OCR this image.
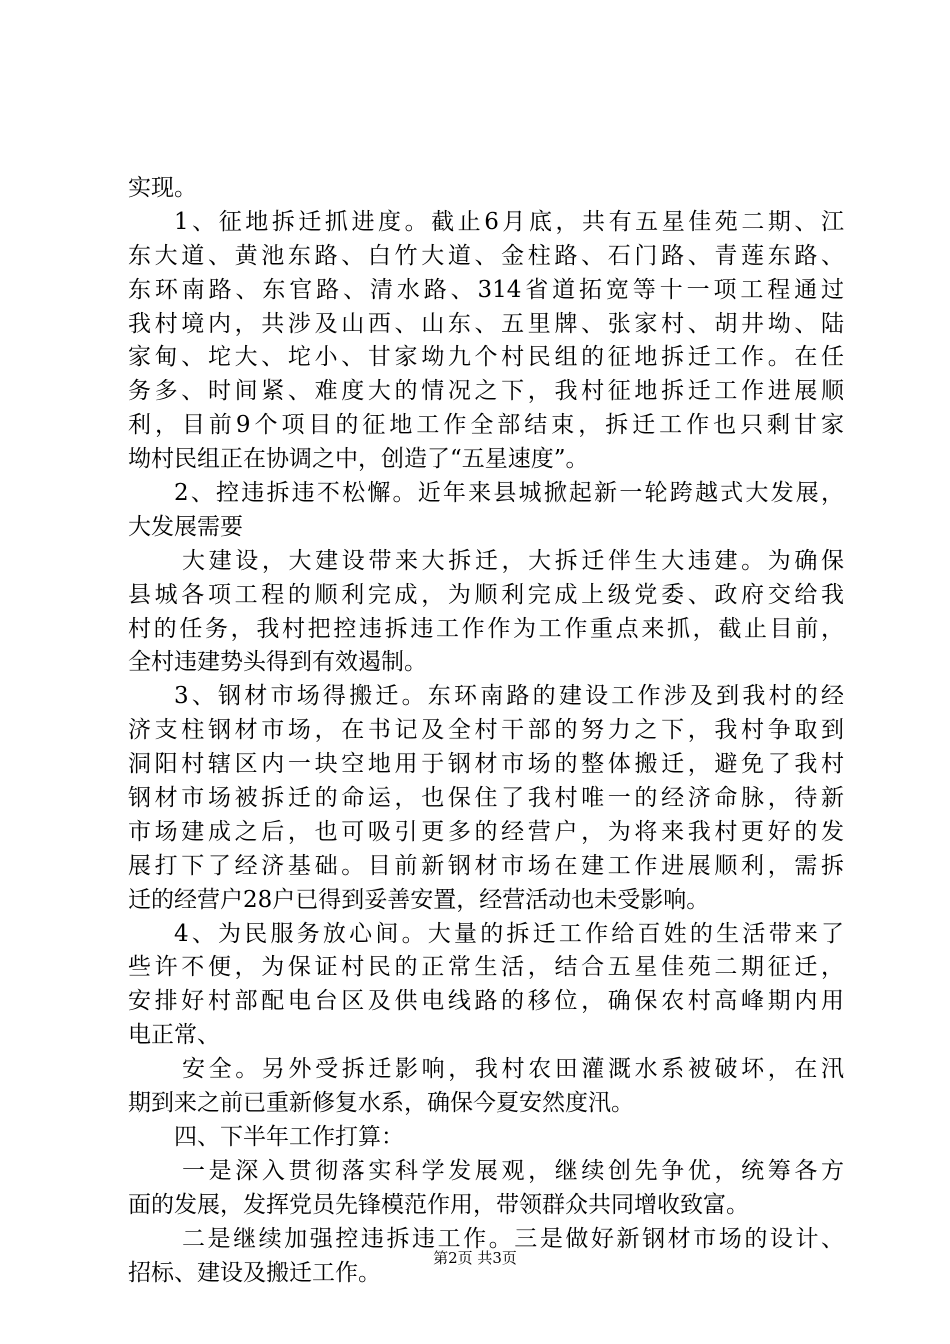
实现。
1、征地拆迁抓进度。截止6月底，共有五星佳苑二期、江
东大道、黄池东路、白竹大道、金柱路、石门路、青莲东路、
东环南路、东官路、清水路、314省道拓宽等十一项工程通过
我村境内，共涉及山西、山东、五里牌、张家村、胡井坳、陆
家甸、坨大、坨小、甘家坳九个村民组的征地拆迁工作。在任
务多、时间紧、难度大的情况之下，我村征地拆迁工作进展顺
利，目前9个项目的征地工作全部结束，拆迁工作也只剩甘家
坳村民组正在协调之中，创造了“五星速度”。
2、控违拆违不松懈。近年来县城掀起新一轮跨越式大发展，
大发展需要
大建设，大建设带来大拆迁，大拆迁伴生大违建。为确保
县城各项工程的顺利完成，为顺利完成上级党委、政府交给我
村的任务，我村把控违拆违工作作为工作重点来抓，截止目前，
全村违建势头得到有效遏制。
3、钢材市场得搬迁。东环南路的建设工作涉及到我村的经
济支柱钢材市场，在书记及全村干部的努力之下，我村争取到
洞阳村辖区内一块空地用于钢材市场的整体搬迁，避免了我村
钢材市场被拆迁的命运，也保住了我村唯一的经济命脉，待新
市场建成之后，也可吸引更多的经营户，为将来我村更好的发
展打下了经济基础。目前新钢材市场在建工作进展顺利，需拆
迁的经营户28户已得到妥善安置，经营活动也未受影响。
4、为民服务放心间。大量的拆迁工作给百姓的生活带来了
些许不便，为保证村民的正常生活，结合五星佳苑二期征迁，
安排好村部配电台区及供电线路的移位，确保农村高峰期内用
电正常、
安全。另外受拆迁影响，我村农田灌溉水系被破坏，在汛
期到来之前已重新修复水系，确保今夏安然度汛。
四、下半年工作打算：
一是深入贯彻落实科学发展观，继续创先争优，统筹各方
面的发展，发挥党员先锋模范作用，带领群众共同增收致富。
二是继续加强控违拆违工作。三是做好新钢材市场的设计、
招标、建设及搬迁工作。
第2页 共3页
